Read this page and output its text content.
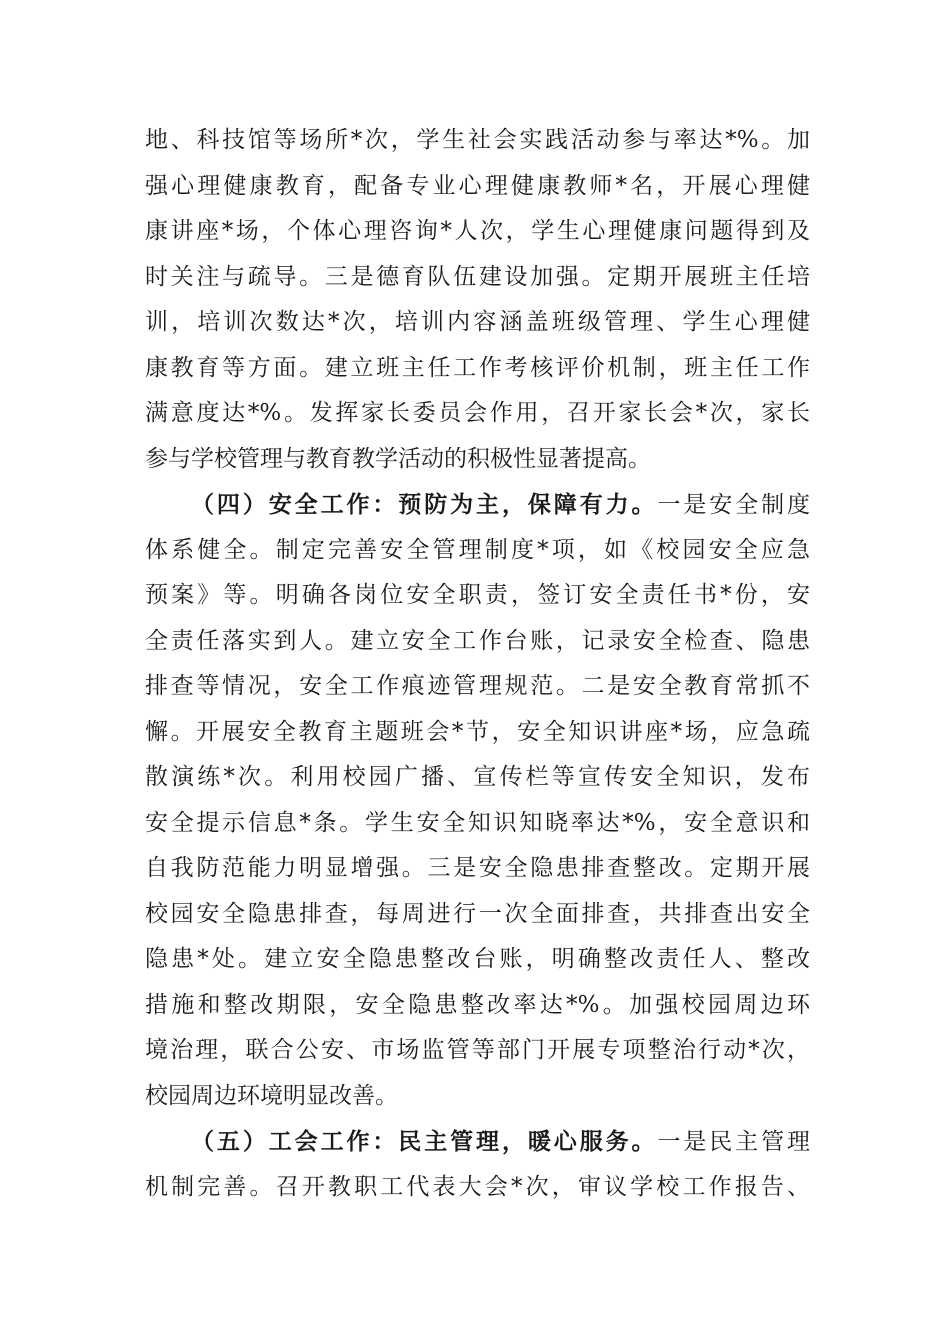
地、科技馆等场所*次，学生社会实践活动参与率达*%。加
强心理健康教育，配备专业心理健康教师*名，开展心理健
康讲座*场，个体心理咨询*人次，学生心理健康问题得到及
时关注与疏导。三是德育队伍建设加强。定期开展班主任培
训，培训次数达*次，培训内容涵盖班级管理、学生心理健
康教育等方面。建立班主任工作考核评价机制，班主任工作
满意度达*%。发挥家长委员会作用，召开家长会*次，家长
参与学校管理与教育教学活动的积极性显著提高。
（四）安全工作：预防为主，保障有力。一是安全制度
体系健全。制定完善安全管理制度*项，如《校园安全应急
预案》等。明确各岗位安全职责，签订安全责任书*份，安
全责任落实到人。建立安全工作台账，记录安全检查、隐患
排查等情况，安全工作痕迹管理规范。二是安全教育常抓不
懈。开展安全教育主题班会*节，安全知识讲座*场，应急疏
散演练*次。利用校园广播、宣传栏等宣传安全知识，发布
安全提示信息*条。学生安全知识知晓率达*%，安全意识和
自我防范能力明显增强。三是安全隐患排查整改。定期开展
校园安全隐患排查，每周进行一次全面排查，共排查出安全
隐患*处。建立安全隐患整改台账，明确整改责任人、整改
措施和整改期限，安全隐患整改率达*%。加强校园周边环
境治理，联合公安、市场监管等部门开展专项整治行动*次，
校园周边环境明显改善。
（五）工会工作：民主管理，暖心服务。一是民主管理
机制完善。召开教职工代表大会*次，审议学校工作报告、
